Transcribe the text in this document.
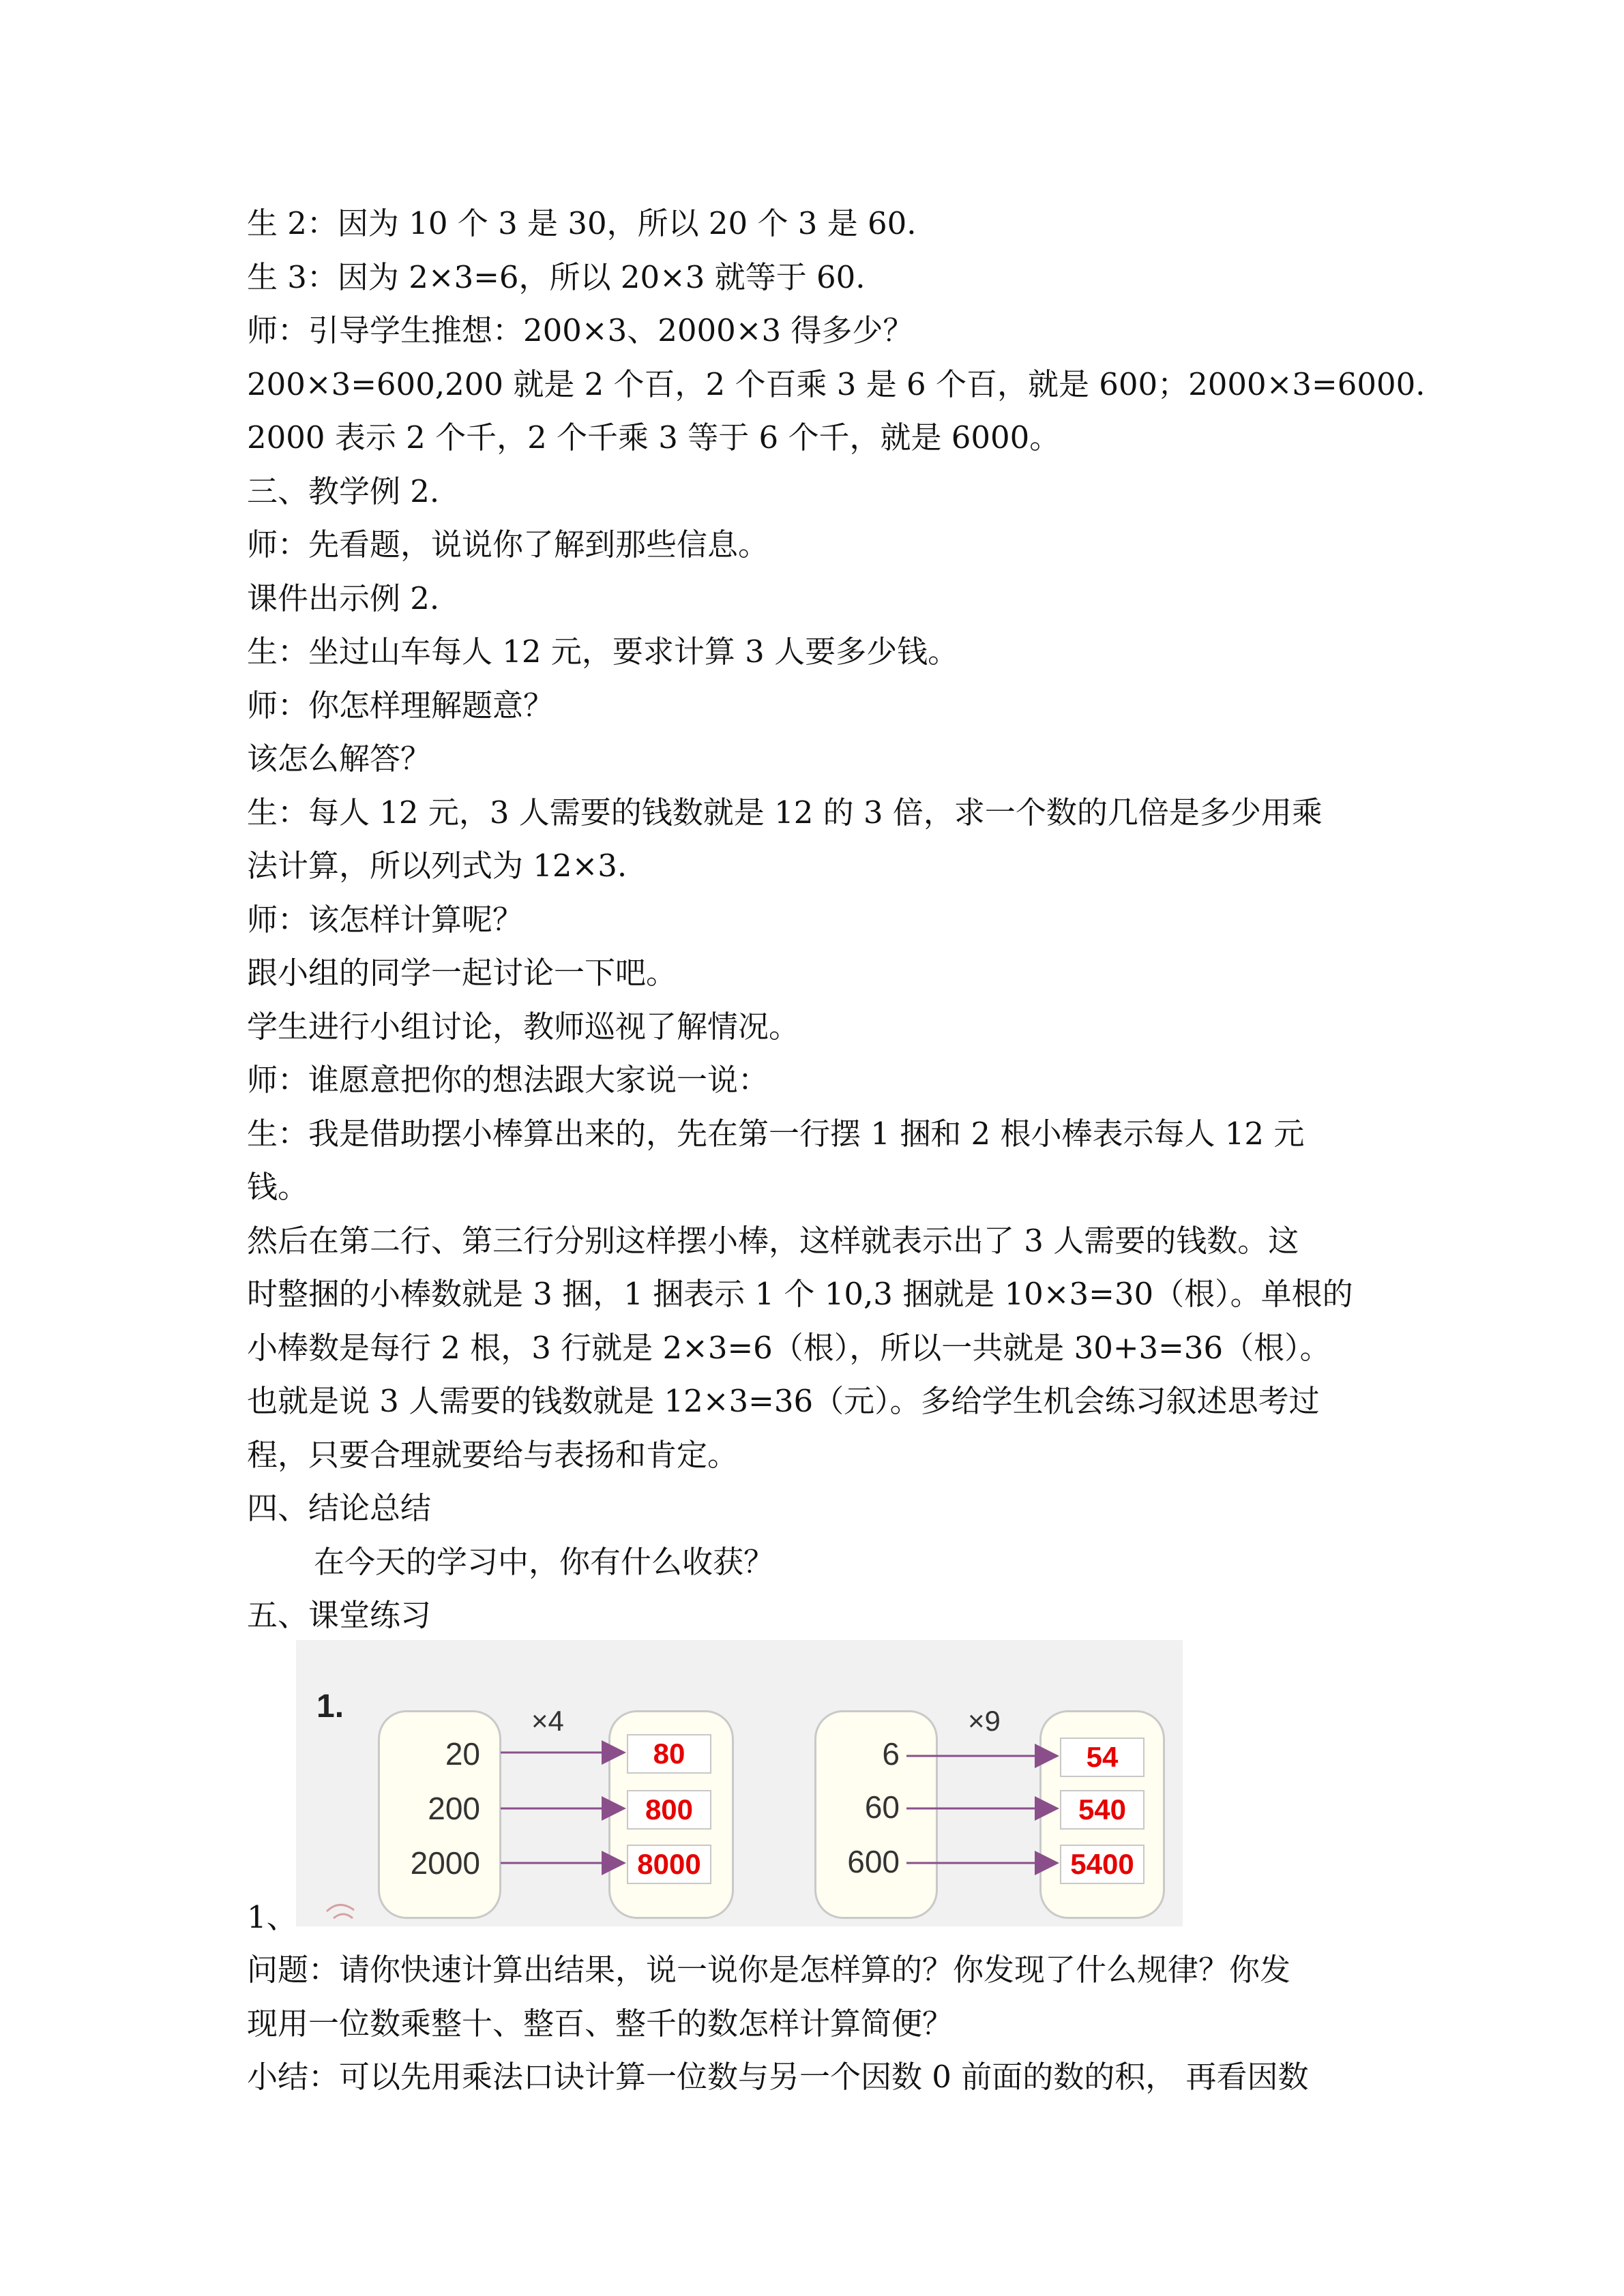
生 2：因为 10 个 3 是 30，所以 20 个 3 是 60.
生 3：因为 2×3=6，所以 20×3 就等于 60.
师：引导学生推想：200×3、2000×3 得多少？
200×3=600,200 就是 2 个百，2 个百乘 3 是 6 个百，就是 600；2000×3=6000.
2000 表示 2 个千，2 个千乘 3 等于 6 个千，就是 6000。
三、教学例 2.
师：先看题，说说你了解到那些信息。
课件出示例 2.
生：坐过山车每人 12 元，要求计算 3 人要多少钱。
师：你怎样理解题意？
该怎么解答？
生：每人 12 元，3 人需要的钱数就是 12 的 3 倍，求一个数的几倍是多少用乘
法计算，所以列式为 12×3.
师：该怎样计算呢？
跟小组的同学一起讨论一下吧。
学生进行小组讨论，教师巡视了解情况。
师：谁愿意把你的想法跟大家说一说：
生：我是借助摆小棒算出来的，先在第一行摆 1 捆和 2 根小棒表示每人 12 元
钱。
然后在第二行、第三行分别这样摆小棒，这样就表示出了 3 人需要的钱数。这
时整捆的小棒数就是 3 捆，1 捆表示 1 个 10,3 捆就是 10×3=30（根）。单根的
小棒数是每行 2 根，3 行就是 2×3=6（根），所以一共就是 30+3=36（根）。
也就是说 3 人需要的钱数就是 12×3=36（元）。多给学生机会练习叙述思考过
程，只要合理就要给与表扬和肯定。
四、结论总结
在今天的学习中，你有什么收获？
五、课堂练习
1.
20
200
2000
×4
80
800
8000
6
60
600
×9
54
540
5400
1、
问题：请你快速计算出结果，说一说你是怎样算的？你发现了什么规律？你发
现用一位数乘整十、整百、整千的数怎样计算简便？
小结：可以先用乘法口诀计算一位数与另一个因数 0 前面的数的积， 再看因数
